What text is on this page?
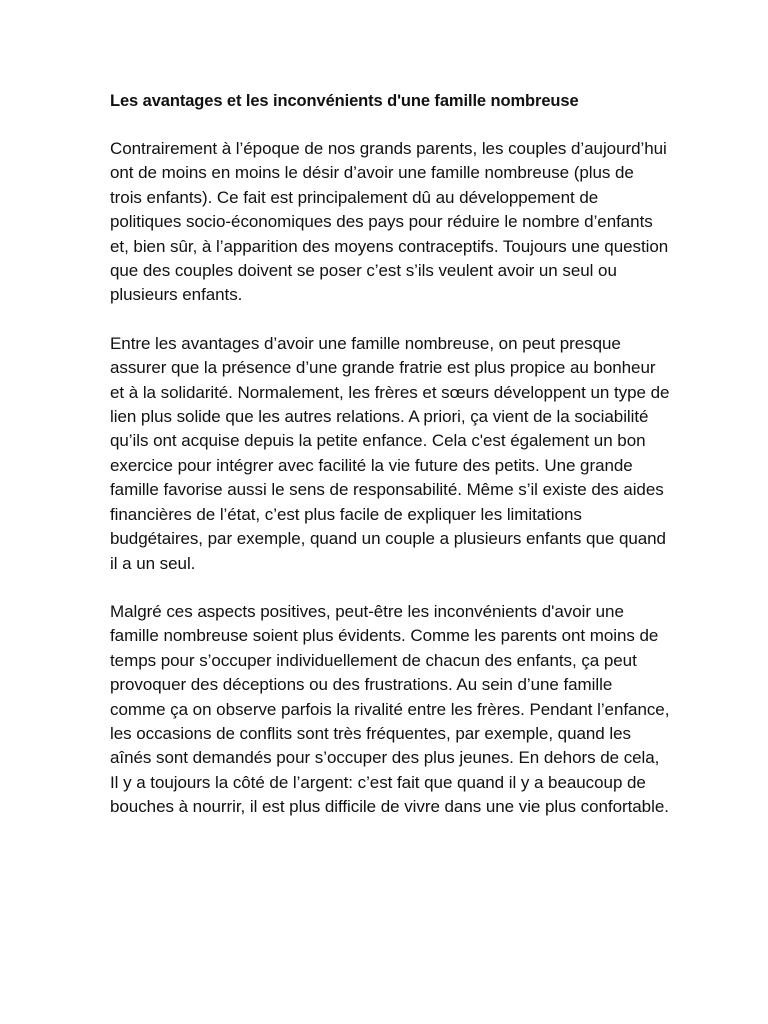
Les avantages et les inconvénients d'une famille nombreuse

Contrairement à l’époque de nos grands parents, les couples d’aujourd’hui ont de moins en moins le désir d’avoir une famille nombreuse (plus de trois enfants). Ce fait est principalement dû au développement de politiques socio-économiques des pays pour réduire le nombre d’enfants et, bien sûr, à l’apparition des moyens contraceptifs. Toujours une question que des couples doivent se poser c’est s’ils veulent avoir un seul ou plusieurs enfants.

Entre les avantages d’avoir une famille nombreuse, on peut presque assurer que la présence d’une grande fratrie est plus propice au bonheur et à la solidarité. Normalement, les frères et sœurs développent un type de lien plus solide que les autres relations. A priori, ça vient de la sociabilité qu’ils ont acquise depuis la petite enfance. Cela c'est également un bon exercice pour intégrer avec facilité la vie future des petits. Une grande famille favorise aussi le sens de responsabilité. Même s’il existe des aides financières de l’état, c’est plus facile de expliquer les limitations budgétaires, par exemple, quand un couple a plusieurs enfants que quand il a un seul.

Malgré ces aspects positives, peut-être les inconvénients d'avoir une famille nombreuse soient plus évidents. Comme les parents ont moins de temps pour s’occuper individuellement de chacun des enfants, ça peut provoquer des déceptions ou des frustrations. Au sein d’une famille comme ça on observe parfois la rivalité entre les frères. Pendant l’enfance, les occasions de conflits sont très fréquentes, par exemple, quand les aînés sont demandés pour s’occuper des plus jeunes. En dehors de cela, Il y a toujours la côté de l’argent: c’est fait que quand il y a beaucoup de bouches à nourrir, il est plus difficile de vivre dans une vie plus confortable.
